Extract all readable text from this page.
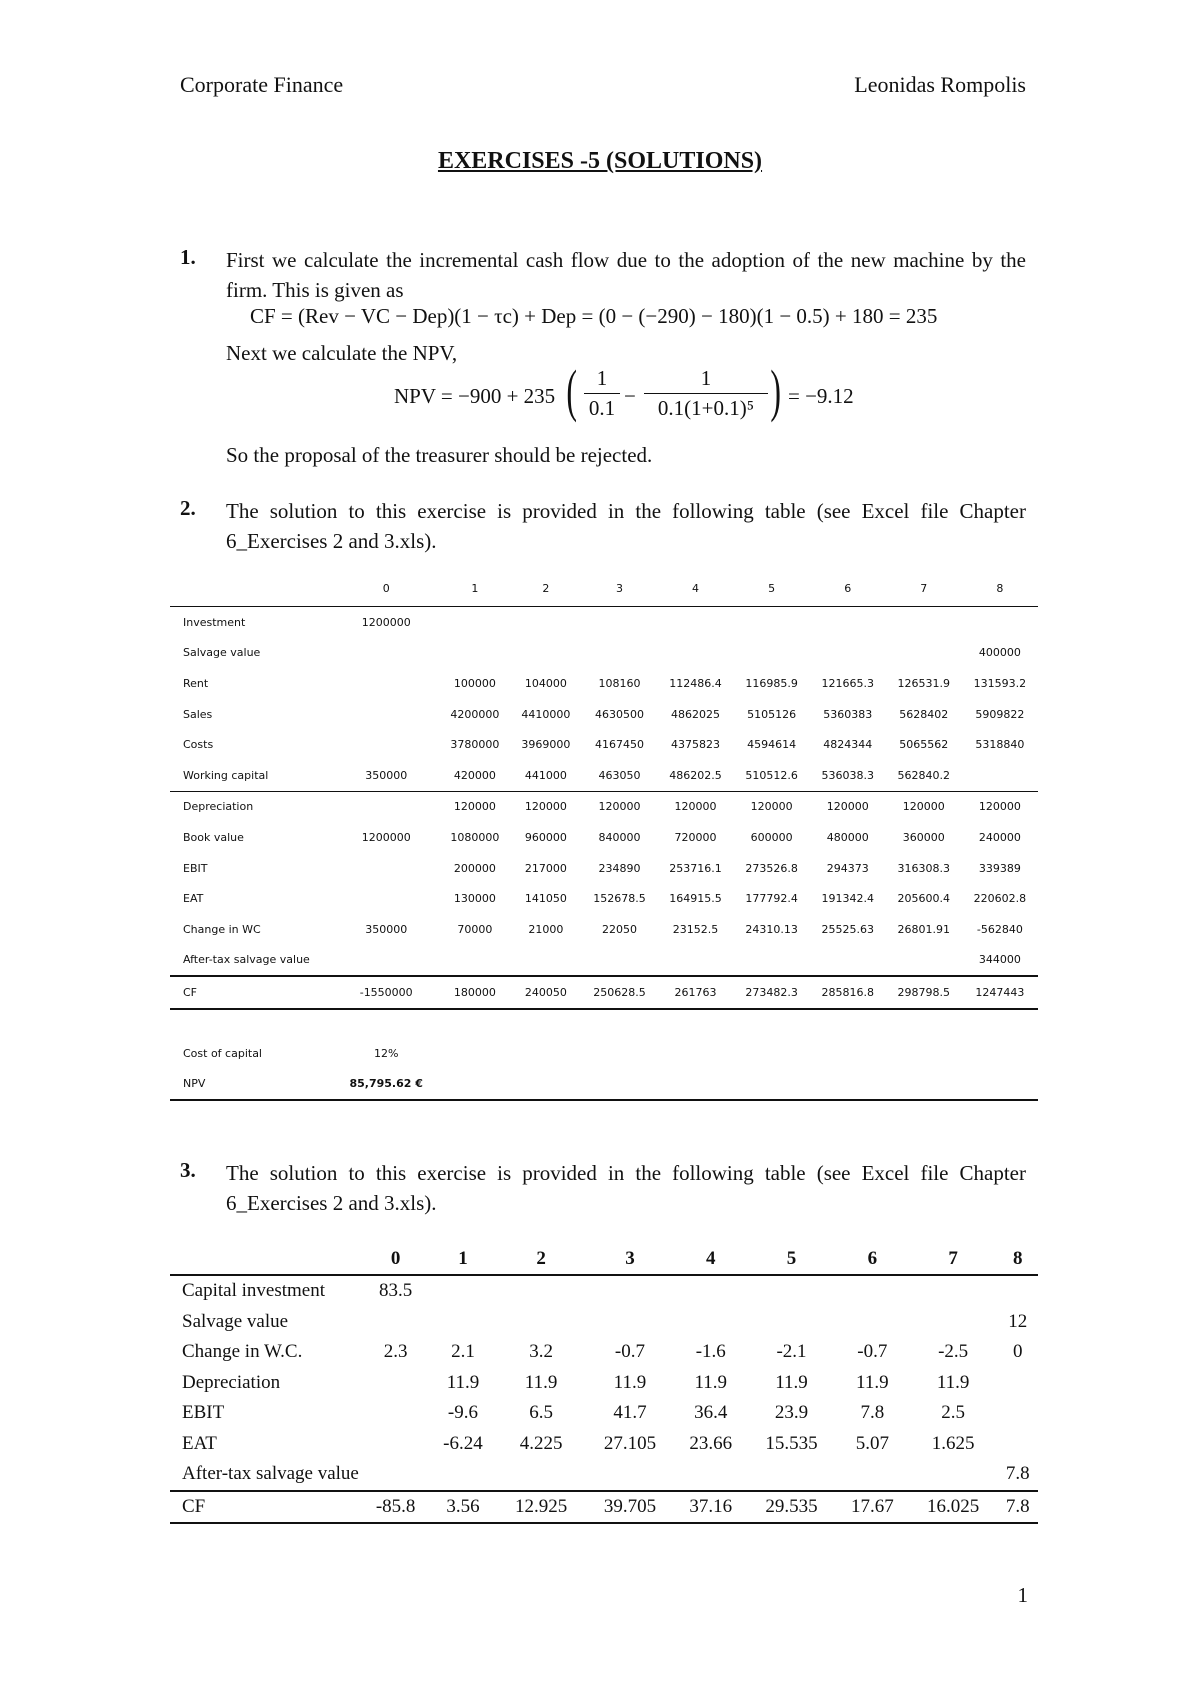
Corporate Finance	Leonidas Rompolis
EXERCISES -5 (SOLUTIONS)
1. First we calculate the incremental cash flow due to the adoption of the new machine by the firm. This is given as
CF = (Rev − VC − Dep)(1 − τc) + Dep = (0 − (−290) − 180)(1 − 0.5) + 180 = 235
Next we calculate the NPV,
NPV = −900 + 235 ( 1
0.1 −
1
0.1(1+0.1)⁵ ) = −9.12
So the proposal of the treasurer should be rejected.
2. The solution to this exercise is provided in the following table (see Excel file Chapter 6_Exercises 2 and 3.xls).
	0	1	2	3	4	5	6	7	8
Investment	1200000								
Salvage value									400000
Rent		100000	104000	108160	112486.4	116985.9	121665.3	126531.9	131593.2
Sales		4200000	4410000	4630500	4862025	5105126	5360383	5628402	5909822
Costs		3780000	3969000	4167450	4375823	4594614	4824344	5065562	5318840
Working capital	350000	420000	441000	463050	486202.5	510512.6	536038.3	562840.2	
Depreciation		120000	120000	120000	120000	120000	120000	120000	120000
Book value	1200000	1080000	960000	840000	720000	600000	480000	360000	240000
EBIT		200000	217000	234890	253716.1	273526.8	294373	316308.3	339389
EAT		130000	141050	152678.5	164915.5	177792.4	191342.4	205600.4	220602.8
Change in WC	350000	70000	21000	22050	23152.5	24310.13	25525.63	26801.91	-562840
After-tax salvage value									344000
CF	-1550000	180000	240050	250628.5	261763	273482.3	285816.8	298798.5	1247443

Cost of capital	12%								
NPV	85,795.62 €								
3. The solution to this exercise is provided in the following table (see Excel file Chapter 6_Exercises 2 and 3.xls).
	0	1	2	3	4	5	6	7	8
Capital investment	83.5								
Salvage value									12
Change in W.C.	2.3	2.1	3.2	-0.7	-1.6	-2.1	-0.7	-2.5	0
Depreciation		11.9	11.9	11.9	11.9	11.9	11.9	11.9	
EBIT		-9.6	6.5	41.7	36.4	23.9	7.8	2.5	
EAT		-6.24	4.225	27.105	23.66	15.535	5.07	1.625	
After-tax salvage value									7.8
CF	-85.8	3.56	12.925	39.705	37.16	29.535	17.67	16.025	7.8
1
